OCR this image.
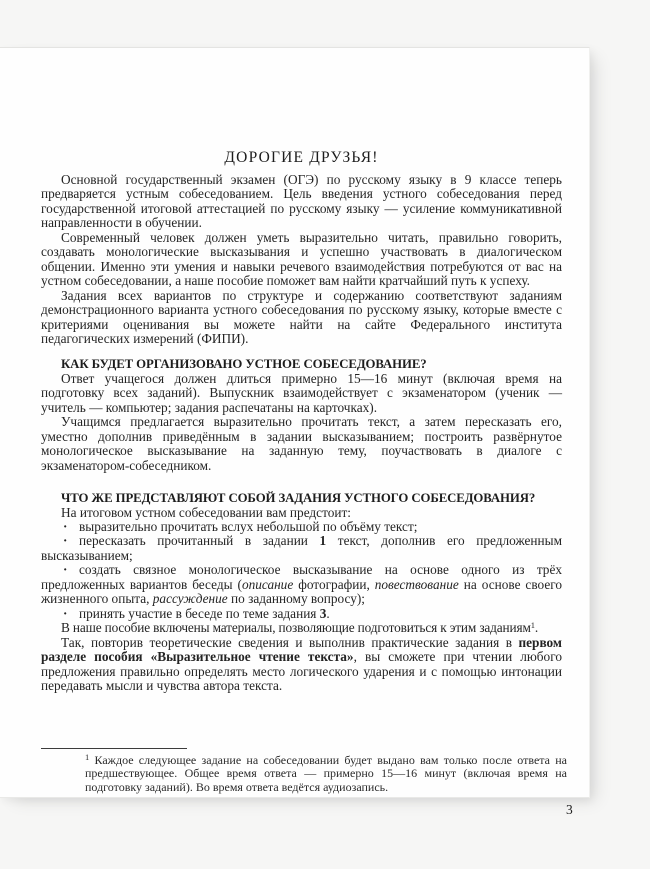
ДОРОГИЕ ДРУЗЬЯ!

Основной государственный экзамен (ОГЭ) по русскому языку в 9 классе теперь предваряется устным собеседованием. Цель введения устного собеседования перед государственной итоговой аттестацией по русскому языку — усиление коммуникативной направленности в обучении.

Современный человек должен уметь выразительно читать, правильно говорить, создавать монологические высказывания и успешно участвовать в диалогическом общении. Именно эти умения и навыки речевого взаимодействия потребуются от вас на устном собеседовании, а наше пособие поможет вам найти кратчайший путь к успеху.

Задания всех вариантов по структуре и содержанию соответствуют заданиям демонстрационного варианта устного собеседования по русскому языку, которые вместе с критериями оценивания вы можете найти на сайте Федерального института педагогических измерений (ФИПИ).

КАК БУДЕТ ОРГАНИЗОВАНО УСТНОЕ СОБЕСЕДОВАНИЕ?

Ответ учащегося должен длиться примерно 15—16 минут (включая время на подготовку всех заданий). Выпускник взаимодействует с экзаменатором (ученик — учитель — компьютер; задания распечатаны на карточках).

Учащимся предлагается выразительно прочитать текст, а затем пересказать его, уместно дополнив приведённым в задании высказыванием; построить развёрнутое монологическое высказывание на заданную тему, поучаствовать в диалоге с экзаменатором-собеседником.

ЧТО ЖЕ ПРЕДСТАВЛЯЮТ СОБОЙ ЗАДАНИЯ УСТНОГО СОБЕСЕДОВАНИЯ?

На итоговом устном собеседовании вам предстоит:

· выразительно прочитать вслух небольшой по объёму текст;

· пересказать прочитанный в задании 1 текст, дополнив его предложенным высказыванием;

· создать связное монологическое высказывание на основе одного из трёх предложенных вариантов беседы (описание фотографии, повествование на основе своего жизненного опыта, рассуждение по заданному вопросу);

· принять участие в беседе по теме задания 3.

В наше пособие включены материалы, позволяющие подготовиться к этим заданиям$^1$.

Так, повторив теоретические сведения и выполнив практические задания в первом разделе пособия «Выразительное чтение текста», вы сможете при чтении любого предложения правильно определять место логического ударения и с помощью интонации передавать мысли и чувства автора текста.

$^1$ Каждое следующее задание на собеседовании будет выдано вам только после ответа на предшествующее. Общее время ответа — примерно 15—16 минут (включая время на подготовку заданий). Во время ответа ведётся аудиозапись.

3
